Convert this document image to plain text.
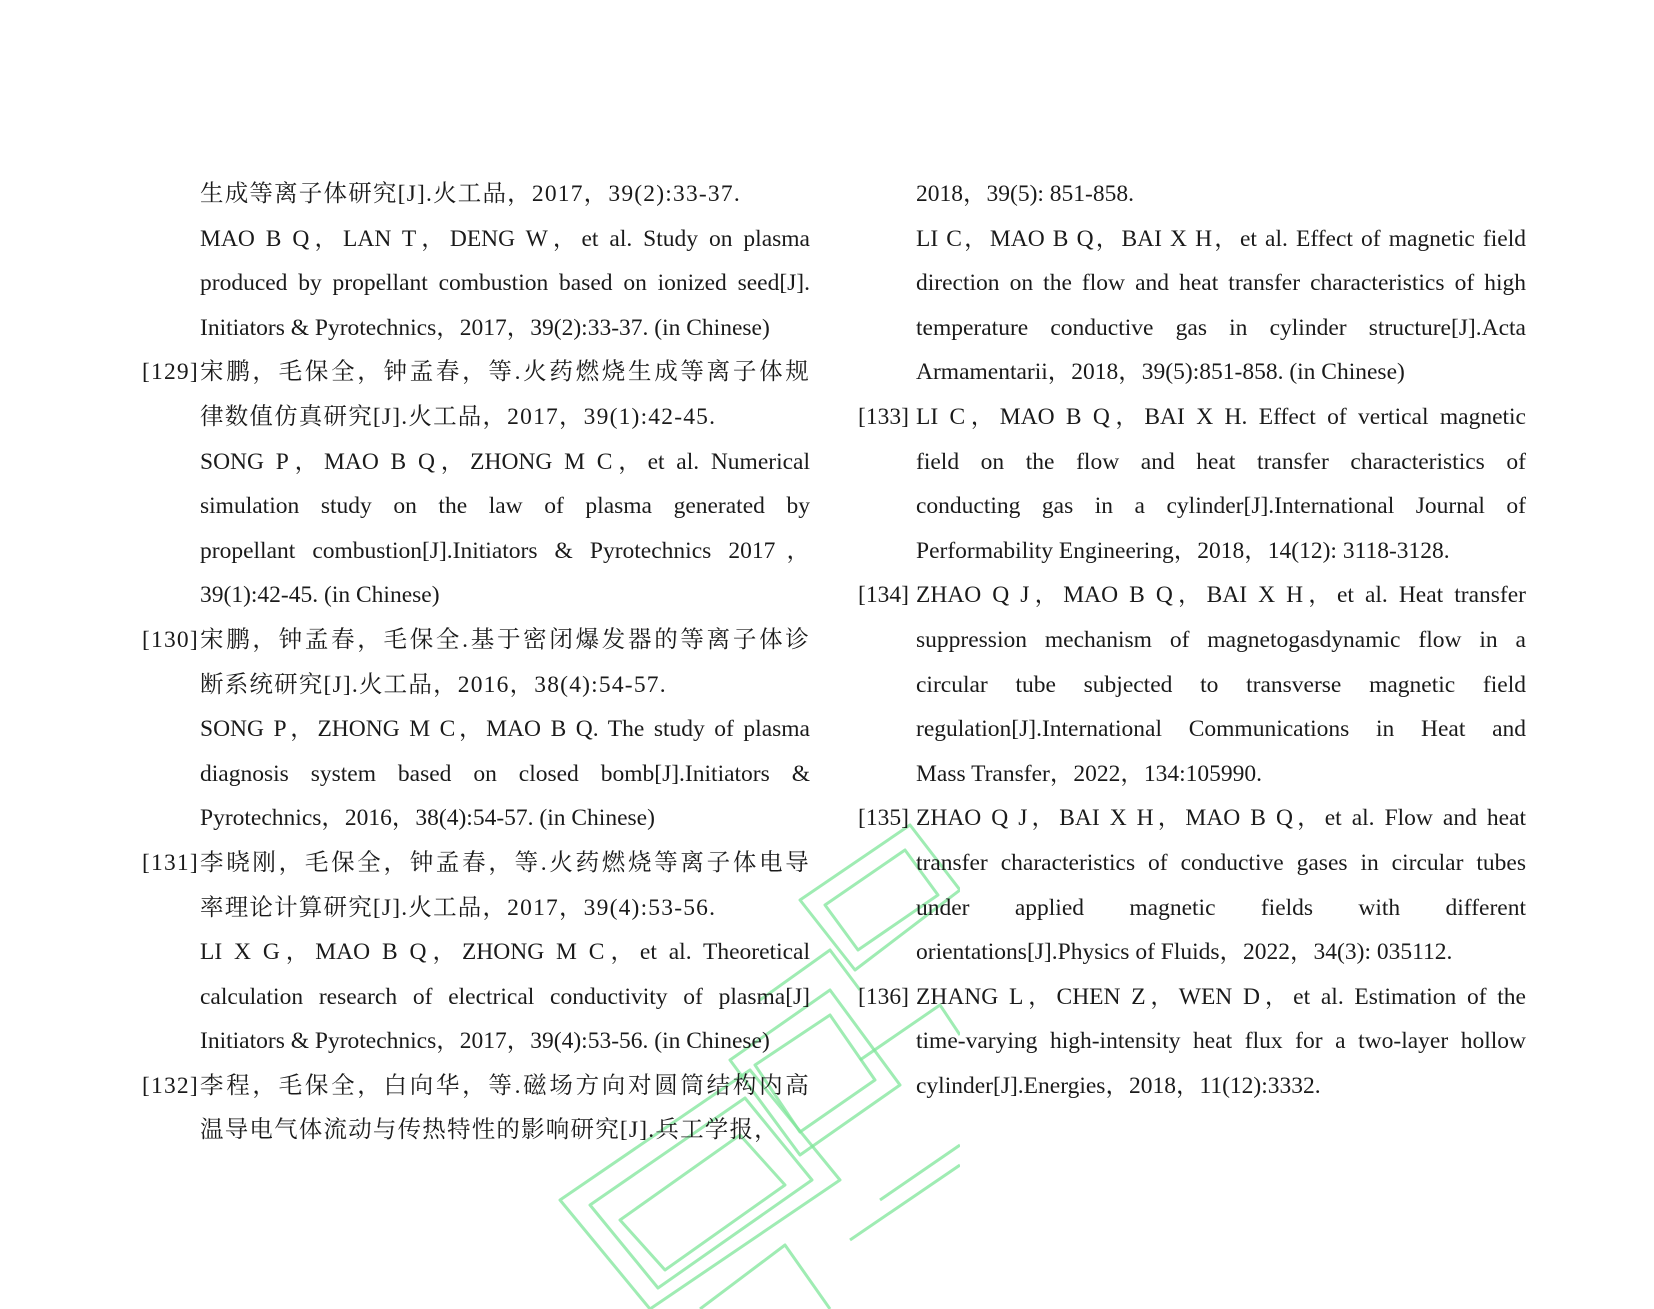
生成等离子体研究[J].火工品，2017，39(2):33-37.
MAO B Q，LAN T，DENG W，et al. Study on plasma
produced by propellant combustion based on ionized seed[J].
Initiators & Pyrotechnics，2017，39(2):33-37. (in Chinese)
[129] 宋鹏，毛保全，钟孟春，等.火药燃烧生成等离子体规
律数值仿真研究[J].火工品，2017，39(1):42-45.
SONG P，MAO B Q，ZHONG M C，et al. Numerical
simulation study on the law of plasma generated by
propellant combustion[J].Initiators & Pyrotechnics 2017，
39(1):42-45. (in Chinese)
[130] 宋鹏，钟孟春，毛保全.基于密闭爆发器的等离子体诊
断系统研究[J].火工品，2016，38(4):54-57.
SONG P，ZHONG M C，MAO B Q. The study of plasma
diagnosis system based on closed bomb[J].Initiators &
Pyrotechnics，2016，38(4):54-57. (in Chinese)
[131] 李晓刚，毛保全，钟孟春，等.火药燃烧等离子体电导
率理论计算研究[J].火工品，2017，39(4):53-56.
LI X G，MAO B Q，ZHONG M C，et al. Theoretical
calculation research of electrical conductivity of plasma[J]
Initiators & Pyrotechnics，2017，39(4):53-56. (in Chinese)
[132] 李程，毛保全，白向华，等.磁场方向对圆筒结构内高
温导电气体流动与传热特性的影响研究[J].兵工学报，
2018，39(5): 851-858.
LI C，MAO B Q，BAI X H，et al. Effect of magnetic field
direction on the flow and heat transfer characteristics of high
temperature conductive gas in cylinder structure[J].Acta
Armamentarii，2018，39(5):851-858. (in Chinese)
[133] LI C，MAO B Q，BAI X H. Effect of vertical magnetic
field on the flow and heat transfer characteristics of
conducting gas in a cylinder[J].International Journal of
Performability Engineering，2018，14(12): 3118-3128.
[134] ZHAO Q J，MAO B Q，BAI X H，et al. Heat transfer
suppression mechanism of magnetogasdynamic flow in a
circular tube subjected to transverse magnetic field
regulation[J].International Communications in Heat and
Mass Transfer，2022，134:105990.
[135] ZHAO Q J，BAI X H，MAO B Q，et al. Flow and heat
transfer characteristics of conductive gases in circular tubes
under applied magnetic fields with different
orientations[J].Physics of Fluids，2022，34(3): 035112.
[136] ZHANG L，CHEN Z，WEN D，et al. Estimation of the
time-varying high-intensity heat flux for a two-layer hollow
cylinder[J].Energies，2018，11(12):3332.
